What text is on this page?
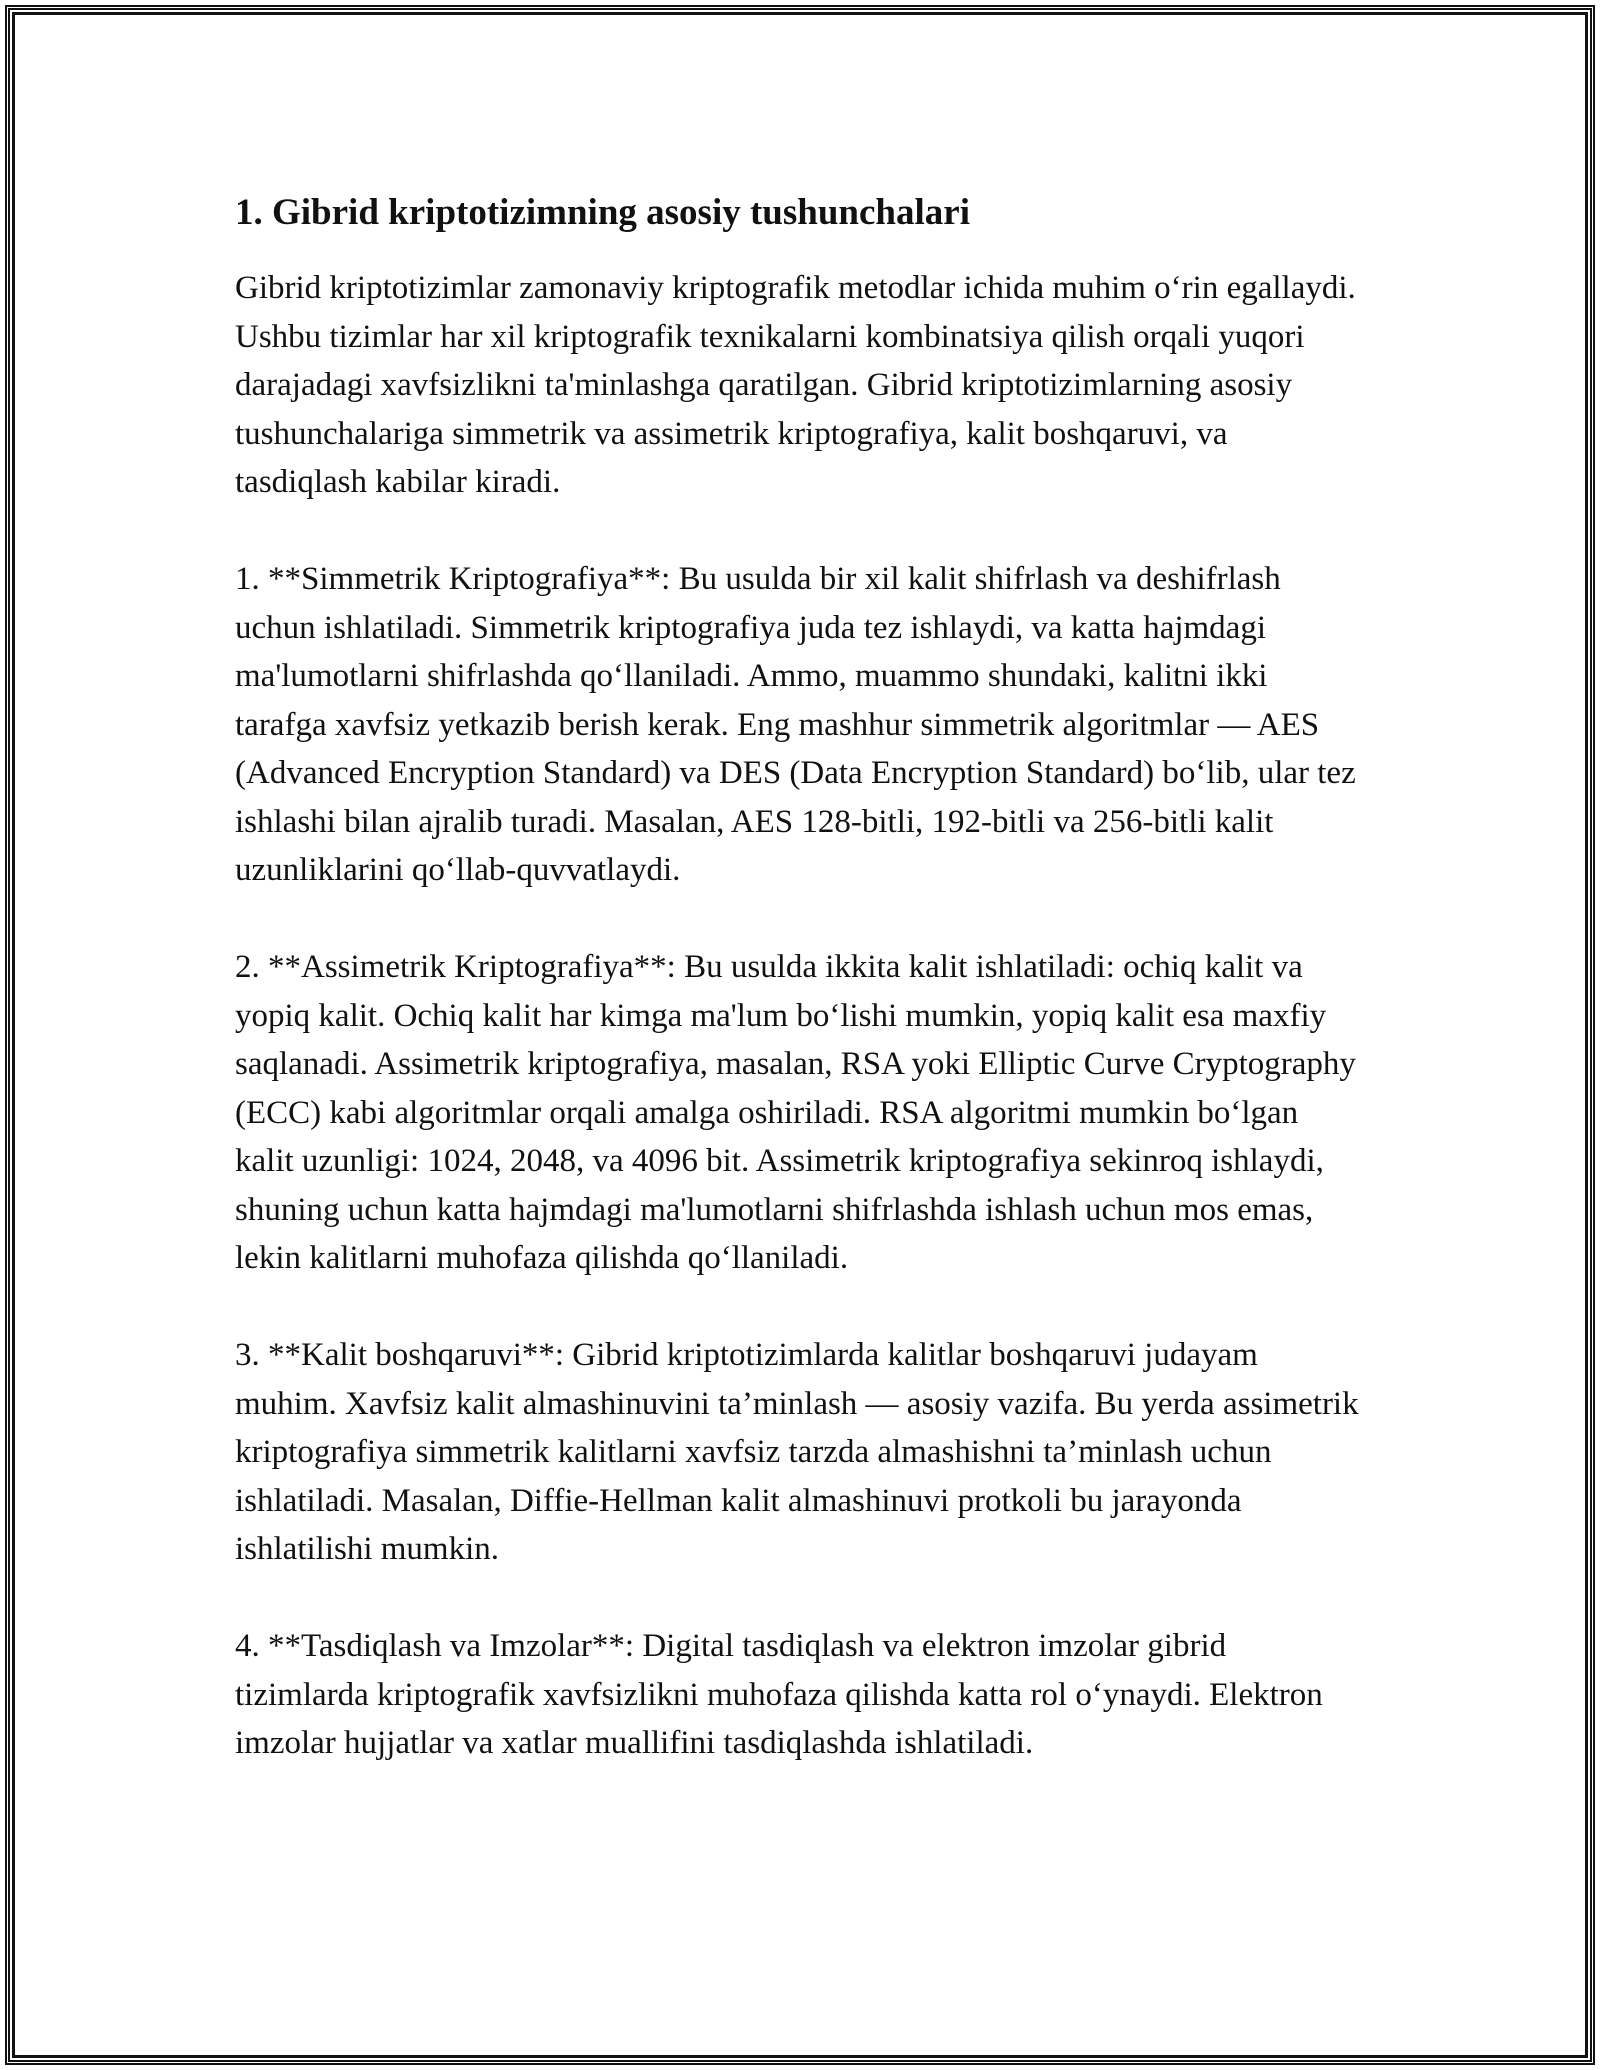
1. Gibrid kriptotizimning asosiy tushunchalari

Gibrid kriptotizimlar zamonaviy kriptografik metodlar ichida muhim oʻrin egallaydi. Ushbu tizimlar har xil kriptografik texnikalarni kombinatsiya qilish orqali yuqori darajadagi xavfsizlikni ta'minlashga qaratilgan. Gibrid kriptotizimlarning asosiy tushunchalariga simmetrik va assimetrik kriptografiya, kalit boshqaruvi, va tasdiqlash kabilar kiradi.

1. **Simmetrik Kriptografiya**: Bu usulda bir xil kalit shifrlash va deshifrlash uchun ishlatiladi. Simmetrik kriptografiya juda tez ishlaydi, va katta hajmdagi ma'lumotlarni shifrlashda qoʻllaniladi. Ammo, muammo shundaki, kalitni ikki tarafga xavfsiz yetkazib berish kerak. Eng mashhur simmetrik algoritmlar — AES (Advanced Encryption Standard) va DES (Data Encryption Standard) boʻlib, ular tez ishlashi bilan ajralib turadi. Masalan, AES 128-bitli, 192-bitli va 256-bitli kalit uzunliklarini qoʻllab-quvvatlaydi.

2. **Assimetrik Kriptografiya**: Bu usulda ikkita kalit ishlatiladi: ochiq kalit va yopiq kalit. Ochiq kalit har kimga ma'lum boʻlishi mumkin, yopiq kalit esa maxfiy saqlanadi. Assimetrik kriptografiya, masalan, RSA yoki Elliptic Curve Cryptography (ECC) kabi algoritmlar orqali amalga oshiriladi. RSA algoritmi mumkin boʻlgan kalit uzunligi: 1024, 2048, va 4096 bit. Assimetrik kriptografiya sekinroq ishlaydi, shuning uchun katta hajmdagi ma'lumotlarni shifrlashda ishlash uchun mos emas, lekin kalitlarni muhofaza qilishda qoʻllaniladi.

3. **Kalit boshqaruvi**: Gibrid kriptotizimlarda kalitlar boshqaruvi judayam muhim. Xavfsiz kalit almashinuvini ta’minlash — asosiy vazifa. Bu yerda assimetrik kriptografiya simmetrik kalitlarni xavfsiz tarzda almashishni ta’minlash uchun ishlatiladi. Masalan, Diffie-Hellman kalit almashinuvi protkoli bu jarayonda ishlatilishi mumkin.

4. **Tasdiqlash va Imzolar**: Digital tasdiqlash va elektron imzolar gibrid tizimlarda kriptografik xavfsizlikni muhofaza qilishda katta rol oʻynaydi. Elektron imzolar hujjatlar va xatlar muallifini tasdiqlashda ishlatiladi.
